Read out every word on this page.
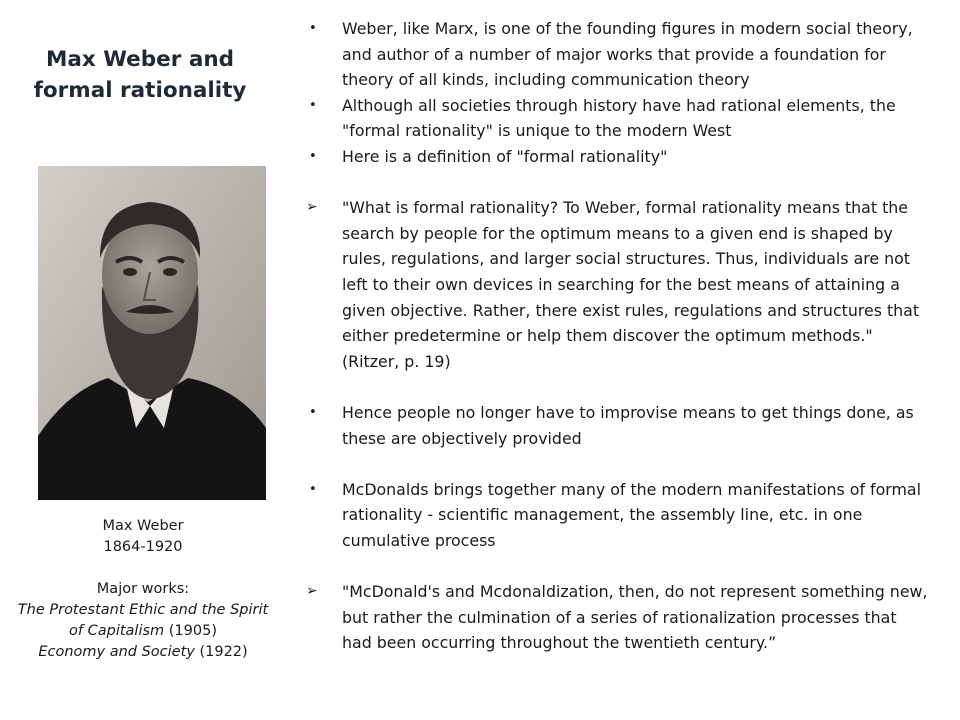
Max Weber and formal rationality
Max Weber
1864-1920
Major works:
The Protestant Ethic and the Spirit of Capitalism (1905)
Economy and Society (1922)
•	Weber, like Marx, is one of the founding figures in modern social theory, and author of a number of major works that provide a foundation for theory of all kinds, including communication theory
•	Although all societies through history have had rational elements, the "formal rationality" is unique to the modern West
•	Here is a definition of "formal rationality"
➢	"What is formal rationality? To Weber, formal rationality means that the search by people for the optimum means to a given end is shaped by rules, regulations, and larger social structures. Thus, individuals are not left to their own devices in searching for the best means of attaining a given objective. Rather, there exist rules, regulations and structures that either predetermine or help them discover the optimum methods." (Ritzer, p. 19)
•	Hence people no longer have to improvise means to get things done, as these are objectively provided
•	McDonalds brings together many of the modern manifestations of formal rationality - scientific management, the assembly line, etc. in one cumulative process
➢	"McDonald's and Mcdonaldization, then, do not represent something new, but rather the culmination of a series of rationalization processes that had been occurring throughout the twentieth century.”
